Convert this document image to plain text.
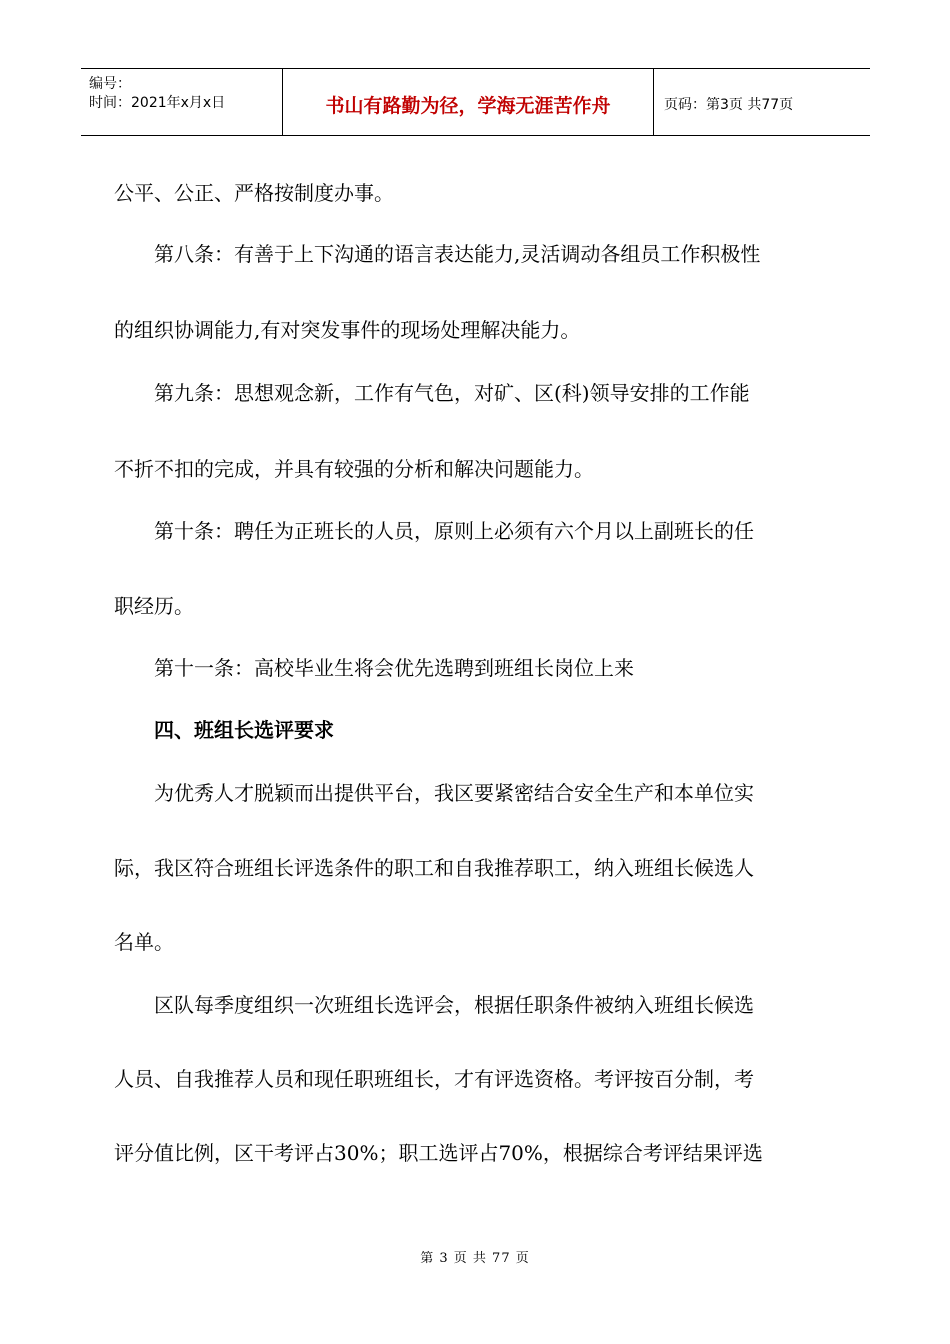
编号：
时间：2021年x月x日	书山有路勤为径，学海无涯苦作舟	页码：第3页 共77页
公平、公正、严格按制度办事。
　　第八条：有善于上下沟通的语言表达能力,灵活调动各组员工作积极性
的组织协调能力,有对突发事件的现场处理解决能力。
　　第九条：思想观念新，工作有气色，对矿、区(科)领导安排的工作能
不折不扣的完成，并具有较强的分析和解决问题能力。
　　第十条：聘任为正班长的人员，原则上必须有六个月以上副班长的任
职经历。
　　第十一条：高校毕业生将会优先选聘到班组长岗位上来
　　四、班组长选评要求
　　为优秀人才脱颖而出提供平台，我区要紧密结合安全生产和本单位实
际，我区符合班组长评选条件的职工和自我推荐职工，纳入班组长候选人
名单。
　　区队每季度组织一次班组长选评会，根据任职条件被纳入班组长候选
人员、自我推荐人员和现任职班组长，才有评选资格。考评按百分制，考
评分值比例，区干考评占30%；职工选评占70%，根据综合考评结果评选
第 3 页 共 77 页
